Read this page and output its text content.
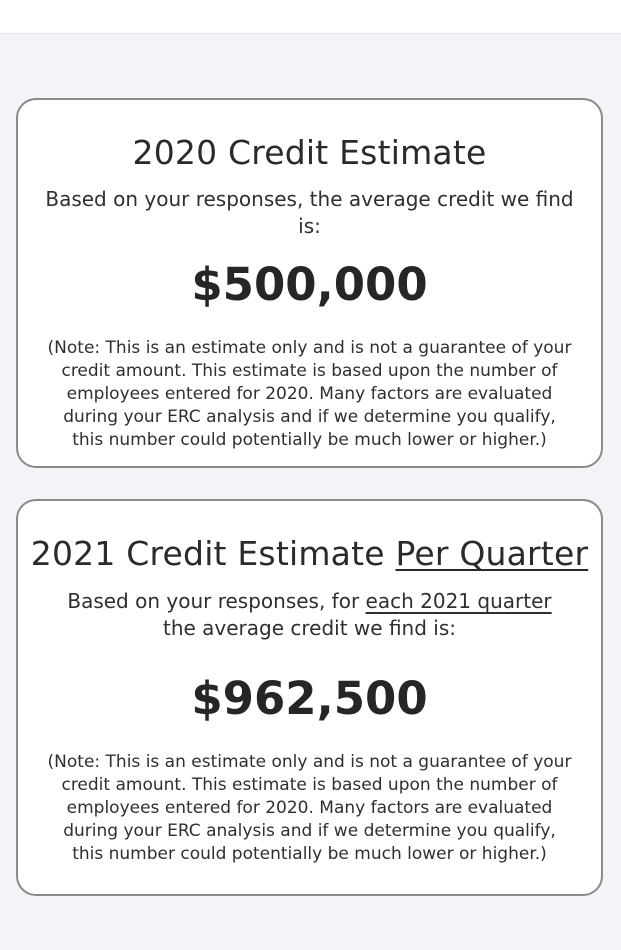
2020 Credit Estimate

Based on your responses, the average credit we find is:

$500,000

(Note: This is an estimate only and is not a guarantee of your credit amount. This estimate is based upon the number of employees entered for 2020. Many factors are evaluated during your ERC analysis and if we determine you qualify, this number could potentially be much lower or higher.)

2021 Credit Estimate Per Quarter

Based on your responses, for each 2021 quarter the average credit we find is:

$962,500

(Note: This is an estimate only and is not a guarantee of your credit amount. This estimate is based upon the number of employees entered for 2020. Many factors are evaluated during your ERC analysis and if we determine you qualify, this number could potentially be much lower or higher.)
